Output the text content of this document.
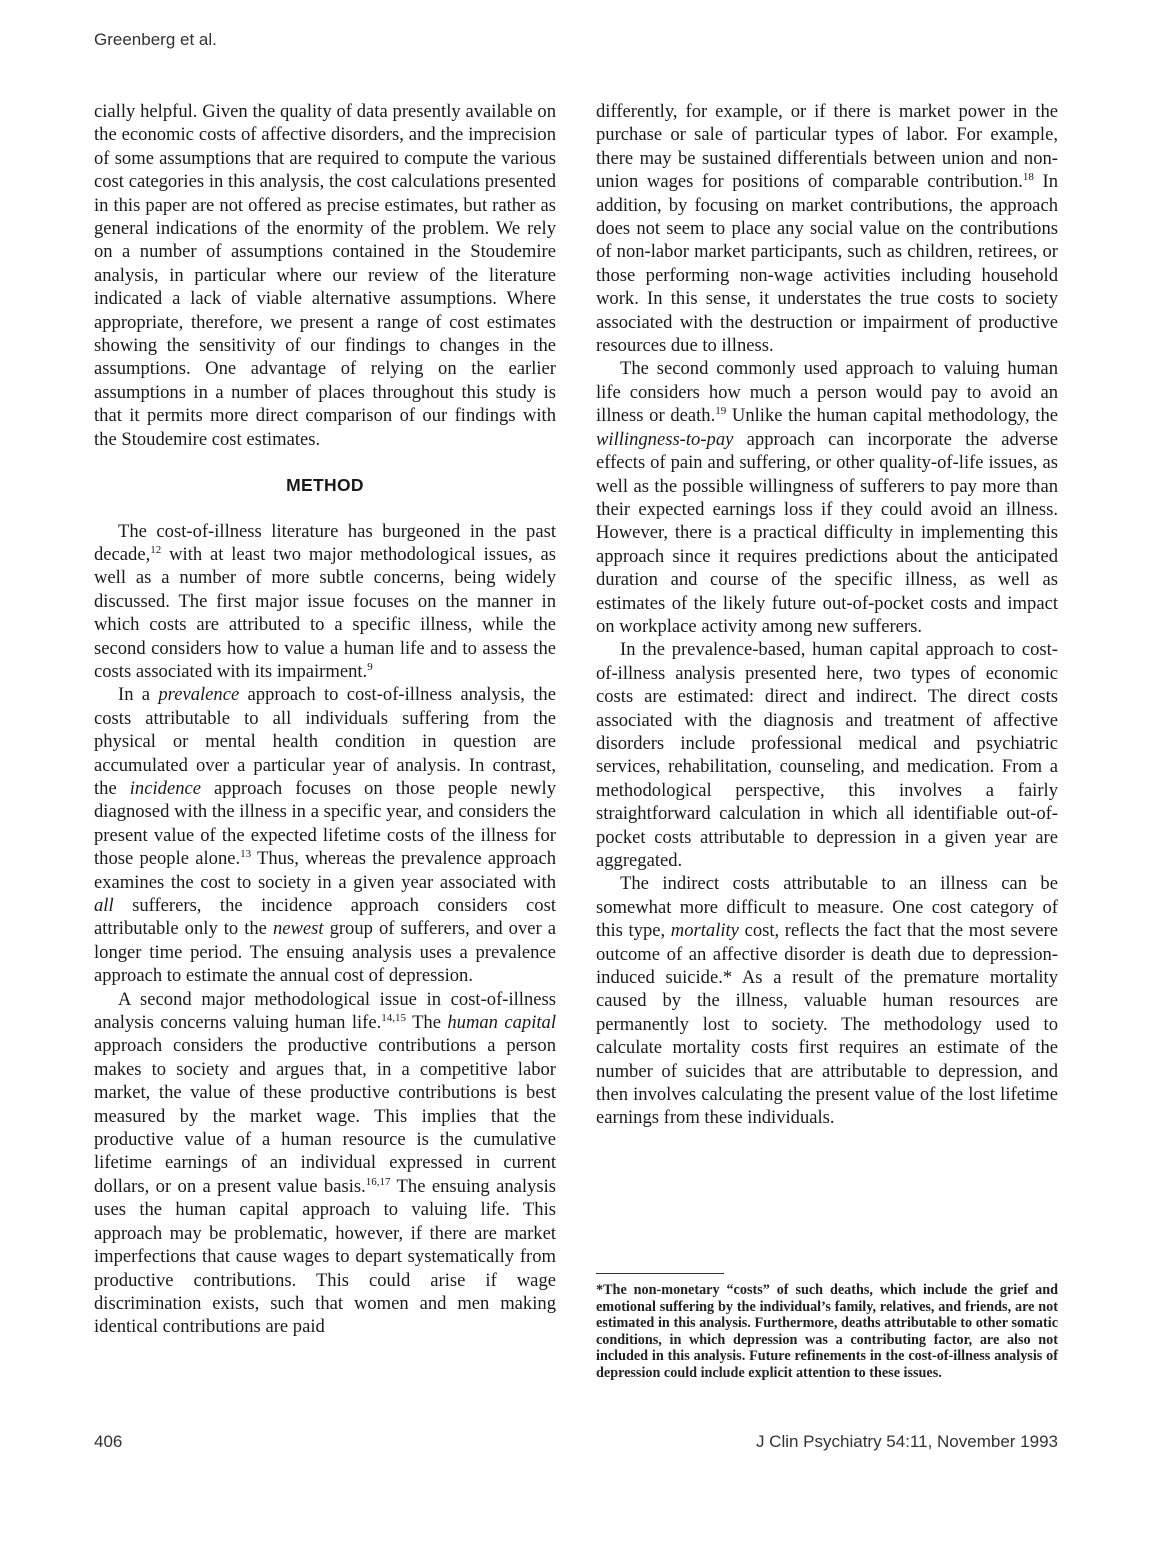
Greenberg et al.

cially helpful. Given the quality of data presently available on the economic costs of affective disorders, and the imprecision of some assumptions that are required to compute the various cost categories in this analysis, the cost calculations presented in this paper are not offered as precise estimates, but rather as general indications of the enormity of the problem. We rely on a number of assumptions contained in the Stoudemire analysis, in particular where our review of the literature indicated a lack of viable alternative assumptions. Where appropriate, therefore, we present a range of cost estimates showing the sensitivity of our findings to changes in the assumptions. One advantage of relying on the earlier assumptions in a number of places throughout this study is that it permits more direct comparison of our findings with the Stoudemire cost estimates.

METHOD

The cost-of-illness literature has burgeoned in the past decade,$^{12}$ with at least two major methodological issues, as well as a number of more subtle concerns, being widely discussed. The first major issue focuses on the manner in which costs are attributed to a specific illness, while the second considers how to value a human life and to assess the costs associated with its impairment.$^9$

In a prevalence approach to cost-of-illness analysis, the costs attributable to all individuals suffering from the physical or mental health condition in question are accumulated over a particular year of analysis. In contrast, the incidence approach focuses on those people newly diagnosed with the illness in a specific year, and considers the present value of the expected lifetime costs of the illness for those people alone.$^{13}$ Thus, whereas the prevalence approach examines the cost to society in a given year associated with all sufferers, the incidence approach considers cost attributable only to the newest group of sufferers, and over a longer time period. The ensuing analysis uses a prevalence approach to estimate the annual cost of depression.

A second major methodological issue in cost-of-illness analysis concerns valuing human life.$^{14,15}$ The human capital approach considers the productive contributions a person makes to society and argues that, in a competitive labor market, the value of these productive contributions is best measured by the market wage. This implies that the productive value of a human resource is the cumulative lifetime earnings of an individual expressed in current dollars, or on a present value basis.$^{16,17}$ The ensuing analysis uses the human capital approach to valuing life. This approach may be problematic, however, if there are market imperfections that cause wages to depart systematically from productive contributions. This could arise if wage discrimination exists, such that women and men making identical contributions are paid

differently, for example, or if there is market power in the purchase or sale of particular types of labor. For example, there may be sustained differentials between union and non-union wages for positions of comparable contribution.$^{18}$ In addition, by focusing on market contributions, the approach does not seem to place any social value on the contributions of non-labor market participants, such as children, retirees, or those performing non-wage activities including household work. In this sense, it understates the true costs to society associated with the destruction or impairment of productive resources due to illness.

The second commonly used approach to valuing human life considers how much a person would pay to avoid an illness or death.$^{19}$ Unlike the human capital methodology, the willingness-to-pay approach can incorporate the adverse effects of pain and suffering, or other quality-of-life issues, as well as the possible willingness of sufferers to pay more than their expected earnings loss if they could avoid an illness. However, there is a practical difficulty in implementing this approach since it requires predictions about the anticipated duration and course of the specific illness, as well as estimates of the likely future out-of-pocket costs and impact on workplace activity among new sufferers.

In the prevalence-based, human capital approach to cost-of-illness analysis presented here, two types of economic costs are estimated: direct and indirect. The direct costs associated with the diagnosis and treatment of affective disorders include professional medical and psychiatric services, rehabilitation, counseling, and medication. From a methodological perspective, this involves a fairly straightforward calculation in which all identifiable out-of-pocket costs attributable to depression in a given year are aggregated.

The indirect costs attributable to an illness can be somewhat more difficult to measure. One cost category of this type, mortality cost, reflects the fact that the most severe outcome of an affective disorder is death due to depression-induced suicide.* As a result of the premature mortality caused by the illness, valuable human resources are permanently lost to society. The methodology used to calculate mortality costs first requires an estimate of the number of suicides that are attributable to depression, and then involves calculating the present value of the lost lifetime earnings from these individuals.

*The non-monetary “costs” of such deaths, which include the grief and emotional suffering by the individual’s family, relatives, and friends, are not estimated in this analysis. Furthermore, deaths attributable to other somatic conditions, in which depression was a contributing factor, are also not included in this analysis. Future refinements in the cost-of-illness analysis of depression could include explicit attention to these issues.

406	J Clin Psychiatry 54:11, November 1993
